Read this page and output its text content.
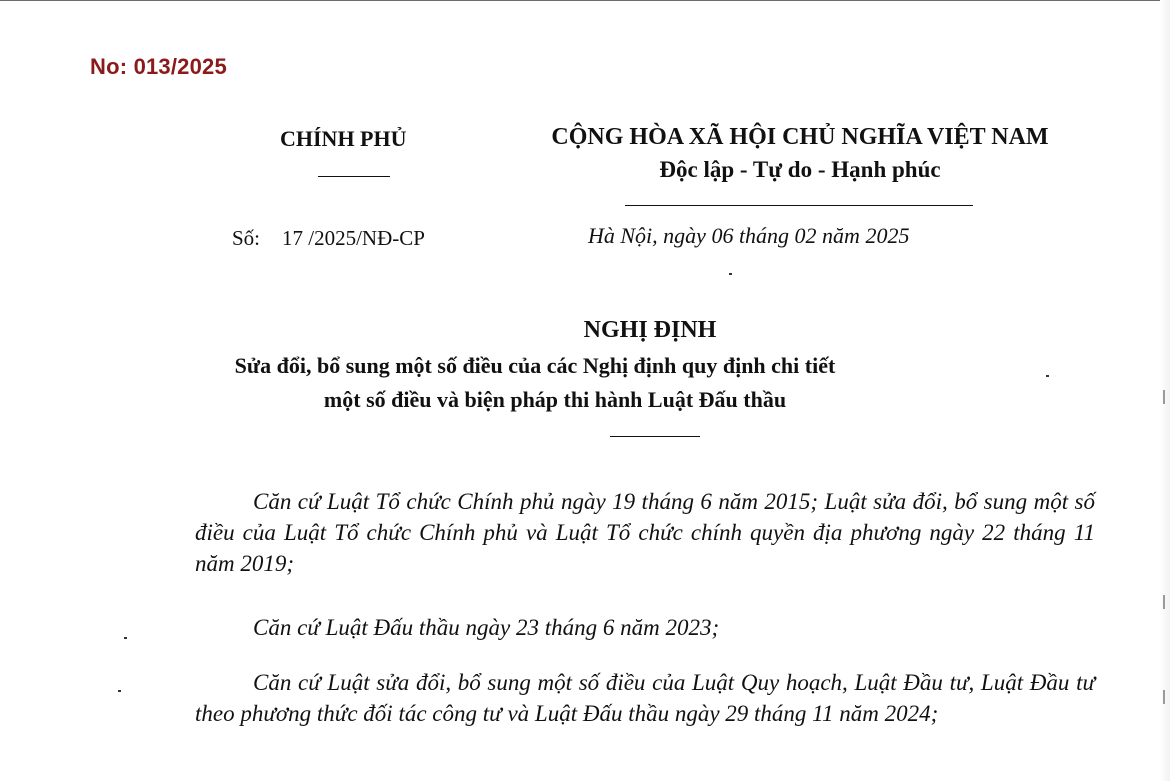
No: 013/2025
CHÍNH PHỦ	CỘNG HÒA XÃ HỘI CHỦ NGHĨA VIỆT NAM
Độc lập - Tự do - Hạnh phúc
Số: 17 /2025/NĐ-CP	Hà Nội, ngày 06 tháng 02 năm 2025
NGHỊ ĐỊNH
Sửa đổi, bổ sung một số điều của các Nghị định quy định chi tiết
một số điều và biện pháp thi hành Luật Đấu thầu

Căn cứ Luật Tổ chức Chính phủ ngày 19 tháng 6 năm 2015; Luật sửa đổi, bổ sung một số điều của Luật Tổ chức Chính phủ và Luật Tổ chức chính quyền địa phương ngày 22 tháng 11 năm 2019;

Căn cứ Luật Đấu thầu ngày 23 tháng 6 năm 2023;

Căn cứ Luật sửa đổi, bổ sung một số điều của Luật Quy hoạch, Luật Đầu tư, Luật Đầu tư theo phương thức đối tác công tư và Luật Đấu thầu ngày 29 tháng 11 năm 2024;
